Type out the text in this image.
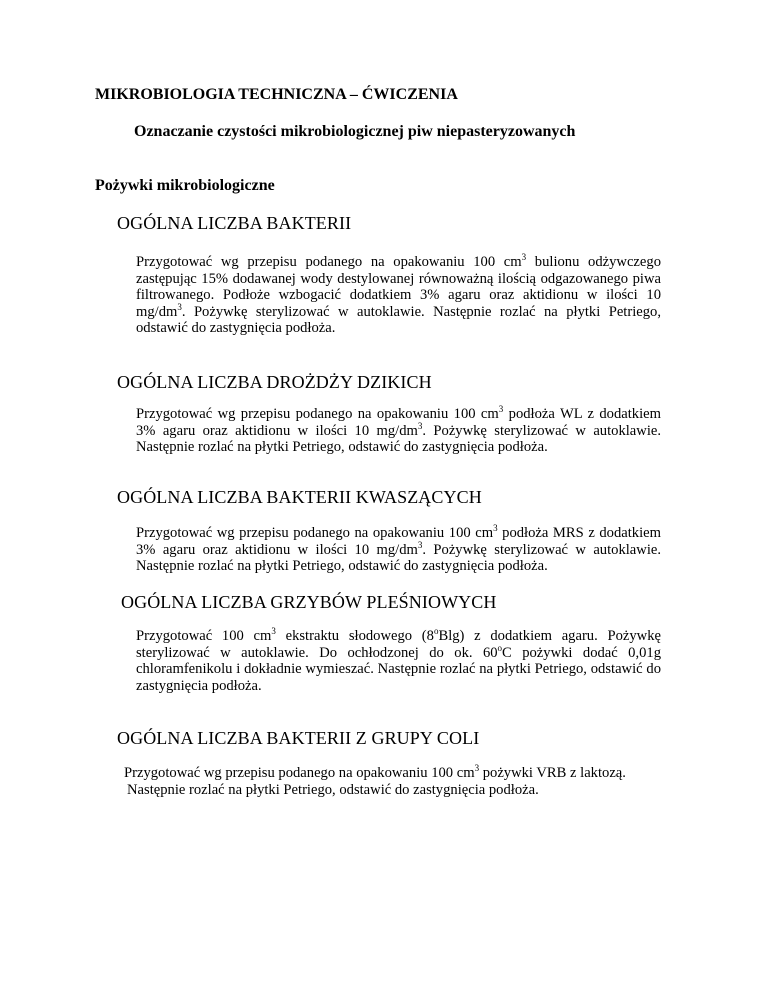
MIKROBIOLOGIA TECHNICZNA – ĆWICZENIA
Oznaczanie czystości mikrobiologicznej piw niepasteryzowanych
Pożywki mikrobiologiczne
OGÓLNA LICZBA BAKTERII
Przygotować wg przepisu podanego na opakowaniu 100 $cm^3$ bulionu odżywczego zastępując 15% dodawanej wody destylowanej równoważną ilością odgazowanego piwa filtrowanego. Podłoże wzbogacić dodatkiem 3% agaru oraz aktidionu w ilości 10 $mg/dm^3$. Pożywkę sterylizować w autoklawie. Następnie rozlać na płytki Petriego, odstawić do zastygnięcia podłoża.
OGÓLNA LICZBA DROŻDŻY DZIKICH
Przygotować wg przepisu podanego na opakowaniu 100 $cm^3$ podłoża WL z dodatkiem 3% agaru oraz aktidionu w ilości 10 $mg/dm^3$. Pożywkę sterylizować w autoklawie. Następnie rozlać na płytki Petriego, odstawić do zastygnięcia podłoża.
OGÓLNA LICZBA BAKTERII KWASZĄCYCH
Przygotować wg przepisu podanego na opakowaniu 100 $cm^3$ podłoża MRS z dodatkiem 3% agaru oraz aktidionu w ilości 10 $mg/dm^3$. Pożywkę sterylizować w autoklawie. Następnie rozlać na płytki Petriego, odstawić do zastygnięcia podłoża.
OGÓLNA LICZBA GRZYBÓW PLEŚNIOWYCH
Przygotować 100 $cm^3$ ekstraktu słodowego (8$^o$Blg) z dodatkiem agaru. Pożywkę sterylizować w autoklawie. Do ochłodzonej do ok. 60$^o$C pożywki dodać 0,01g chloramfenikolu i dokładnie wymieszać. Następnie rozlać na płytki Petriego, odstawić do zastygnięcia podłoża.
OGÓLNA LICZBA BAKTERII Z GRUPY COLI
Przygotować wg przepisu podanego na opakowaniu 100 $cm^3$ pożywki VRB z laktozą.
Następnie rozlać na płytki Petriego, odstawić do zastygnięcia podłoża.
